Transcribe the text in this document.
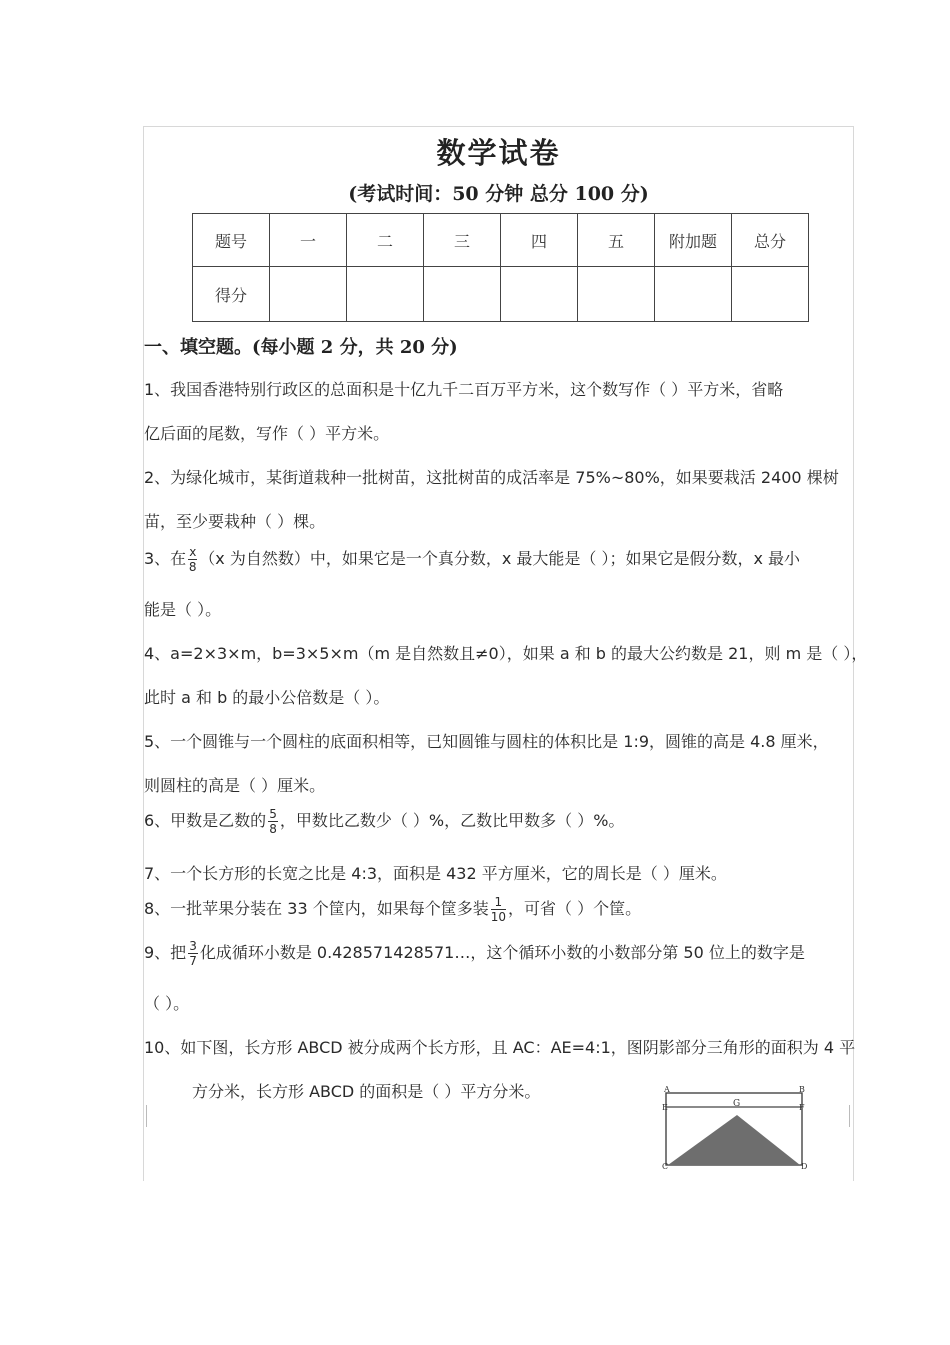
数学试卷
(考试时间：50 分钟 总分 100 分)
题号	一	二	三	四	五	附加题	总分
得分							
一、填空题。(每小题 2 分，共 20 分)
1、我国香港特别行政区的总面积是十亿九千二百万平方米，这个数写作（ ）平方米，省略
亿后面的尾数，写作（ ）平方米。
2、为绿化城市，某街道栽种一批树苗，这批树苗的成活率是 75%~80%，如果要栽活 2400 棵树
苗，至少要栽种（ ）棵。
3、在 $\frac{x}{8} (x$ 为自然数）中，如果它是一个真分数，x 最大能是（ ）；如果它是假分数，x 最小
能是（ ）。
4、a=2×3×m，b=3×5×m（m 是自然数且≠0），如果 a 和 b 的最大公约数是 21，则 m 是（ ），
此时 a 和 b 的最小公倍数是（ ）。
5、一个圆锥与一个圆柱的底面积相等，已知圆锥与圆柱的体积比是 1:9，圆锥的高是 4.8 厘米，
则圆柱的高是（ ）厘米。
6、甲数是乙数的 $\frac{5}{8}$ ，甲数比乙数少（ ）%，乙数比甲数多（ ）%。
7、一个长方形的长宽之比是 4:3，面积是 432 平方厘米，它的周长是（ ）厘米。
8、一批苹果分装在 33 个筐内，如果每个筐多装 $\frac{1}{10}$ ，可省（ ）个筐。
9、把 $\frac{3}{7}$ 化成循环小数是 0.428571428571…，这个循环小数的小数部分第 50 位上的数字是
（ ）。
10、如下图，长方形 ABCD 被分成两个长方形，且 AC：AE=4:1，图阴影部分三角形的面积为 4 平
方分米，长方形 ABCD 的面积是（ ）平方分米。	A	B
E	F
G
C	D
